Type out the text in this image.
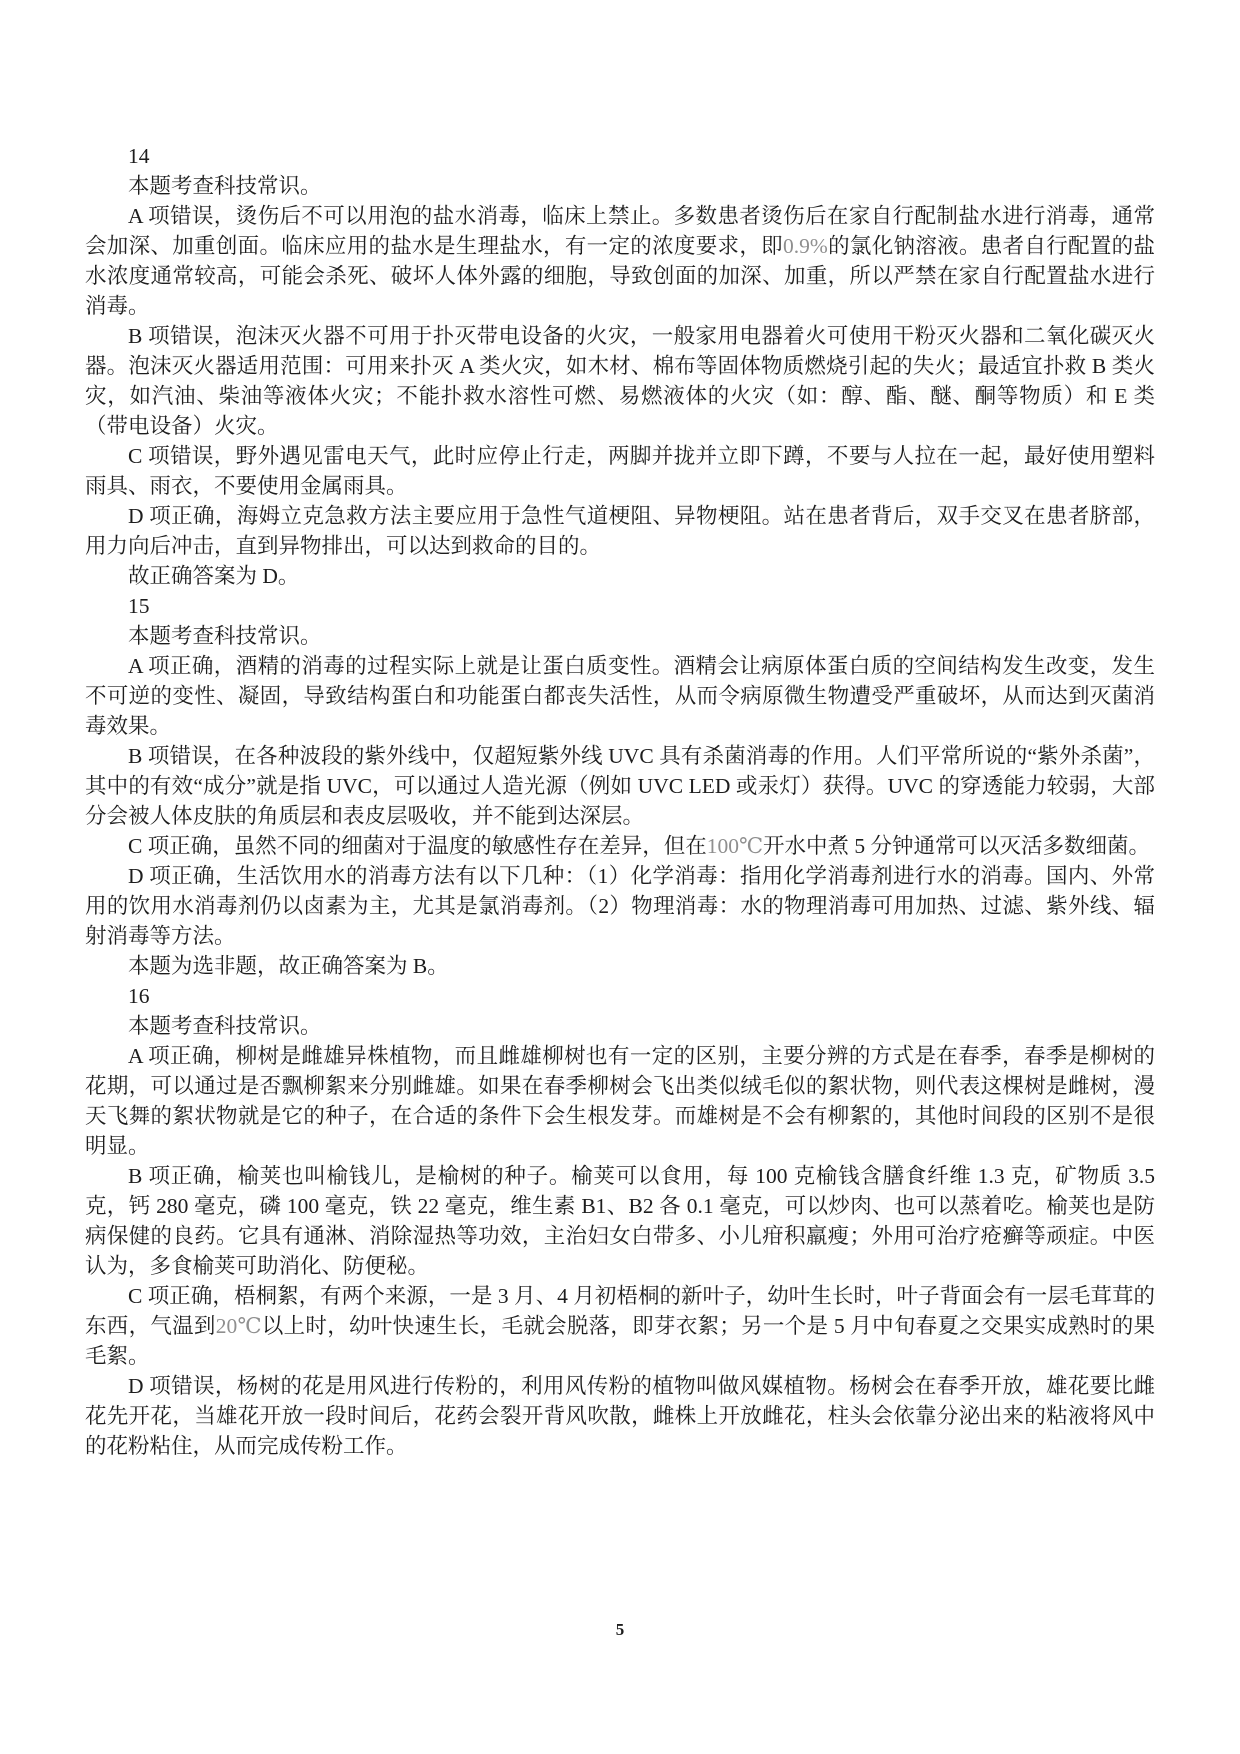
14

本题考查科技常识。

A 项错误，烫伤后不可以用泡的盐水消毒，临床上禁止。多数患者烫伤后在家自行配制盐水进行消毒，通常会加深、加重创面。临床应用的盐水是生理盐水，有一定的浓度要求，即0.9%的氯化钠溶液。患者自行配置的盐水浓度通常较高，可能会杀死、破坏人体外露的细胞，导致创面的加深、加重，所以严禁在家自行配置盐水进行消毒。

B 项错误，泡沫灭火器不可用于扑灭带电设备的火灾，一般家用电器着火可使用干粉灭火器和二氧化碳灭火器。泡沫灭火器适用范围：可用来扑灭 A 类火灾，如木材、棉布等固体物质燃烧引起的失火；最适宜扑救 B 类火灾，如汽油、柴油等液体火灾；不能扑救水溶性可燃、易燃液体的火灾（如：醇、酯、醚、酮等物质）和 E 类（带电设备）火灾。

C 项错误，野外遇见雷电天气，此时应停止行走，两脚并拢并立即下蹲，不要与人拉在一起，最好使用塑料雨具、雨衣，不要使用金属雨具。

D 项正确，海姆立克急救方法主要应用于急性气道梗阻、异物梗阻。站在患者背后，双手交叉在患者脐部，用力向后冲击，直到异物排出，可以达到救命的目的。

故正确答案为 D。

15

本题考查科技常识。

A 项正确，酒精的消毒的过程实际上就是让蛋白质变性。酒精会让病原体蛋白质的空间结构发生改变，发生不可逆的变性、凝固，导致结构蛋白和功能蛋白都丧失活性，从而令病原微生物遭受严重破坏，从而达到灭菌消毒效果。

B 项错误，在各种波段的紫外线中，仅超短紫外线 UVC 具有杀菌消毒的作用。人们平常所说的“紫外杀菌”，其中的有效“成分”就是指 UVC，可以通过人造光源（例如 UVC LED 或汞灯）获得。UVC 的穿透能力较弱，大部分会被人体皮肤的角质层和表皮层吸收，并不能到达深层。

C 项正确，虽然不同的细菌对于温度的敏感性存在差异，但在100℃开水中煮 5 分钟通常可以灭活多数细菌。

D 项正确，生活饮用水的消毒方法有以下几种：（1）化学消毒：指用化学消毒剂进行水的消毒。国内、外常用的饮用水消毒剂仍以卤素为主，尤其是氯消毒剂。（2）物理消毒：水的物理消毒可用加热、过滤、紫外线、辐射消毒等方法。

本题为选非题，故正确答案为 B。

16

本题考查科技常识。

A 项正确，柳树是雌雄异株植物，而且雌雄柳树也有一定的区别，主要分辨的方式是在春季，春季是柳树的花期，可以通过是否飘柳絮来分别雌雄。如果在春季柳树会飞出类似绒毛似的絮状物，则代表这棵树是雌树，漫天飞舞的絮状物就是它的种子，在合适的条件下会生根发芽。而雄树是不会有柳絮的，其他时间段的区别不是很明显。

B 项正确，榆荚也叫榆钱儿，是榆树的种子。榆荚可以食用，每 100 克榆钱含膳食纤维 1.3 克，矿物质 3.5 克，钙 280 毫克，磷 100 毫克，铁 22 毫克，维生素 B1、B2 各 0.1 毫克，可以炒肉、也可以蒸着吃。榆荚也是防病保健的良药。它具有通淋、消除湿热等功效，主治妇女白带多、小儿疳积羸瘦；外用可治疗疮癣等顽症。中医认为，多食榆荚可助消化、防便秘。

C 项正确，梧桐絮，有两个来源，一是 3 月、4 月初梧桐的新叶子，幼叶生长时，叶子背面会有一层毛茸茸的东西，气温到20℃以上时，幼叶快速生长，毛就会脱落，即芽衣絮；另一个是 5 月中旬春夏之交果实成熟时的果毛絮。

D 项错误，杨树的花是用风进行传粉的，利用风传粉的植物叫做风媒植物。杨树会在春季开放，雄花要比雌花先开花，当雄花开放一段时间后，花药会裂开背风吹散，雌株上开放雌花，柱头会依靠分泌出来的粘液将风中的花粉粘住，从而完成传粉工作。

5
